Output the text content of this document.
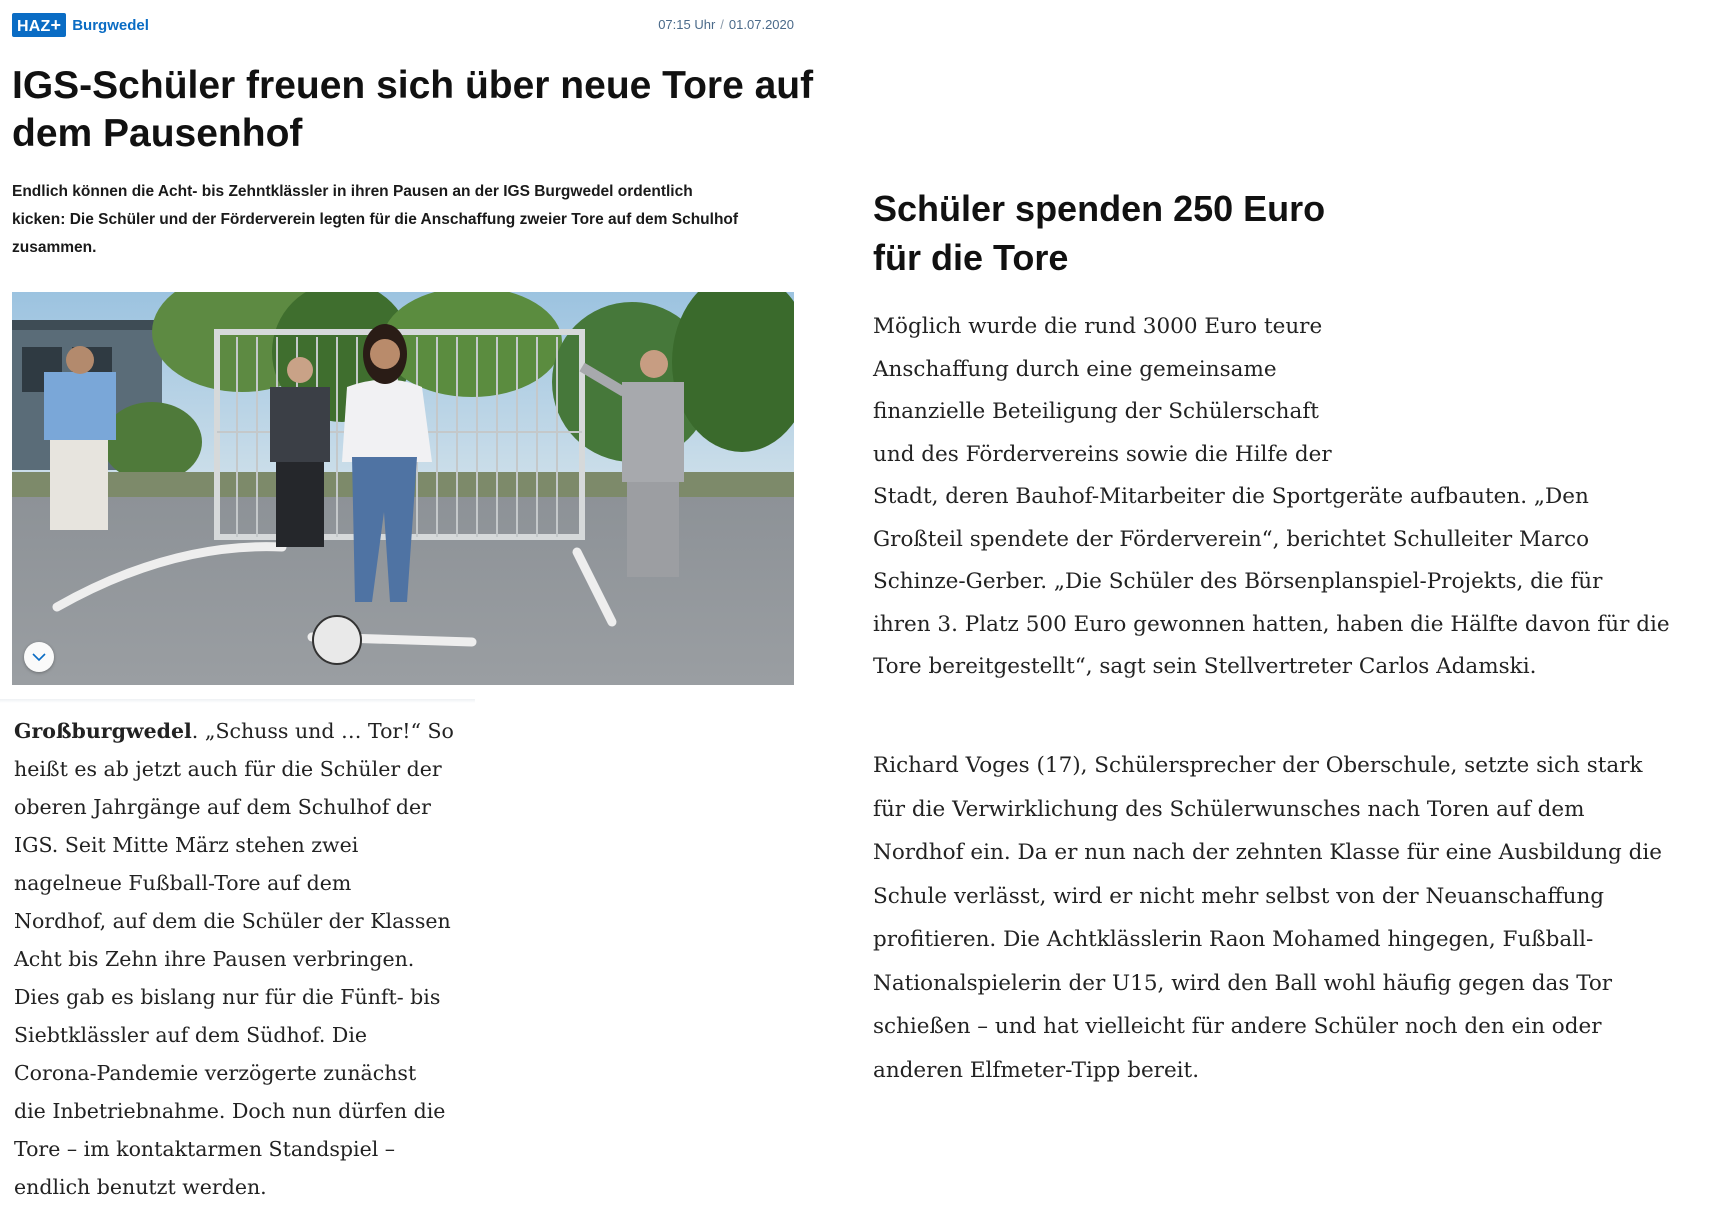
HAZ+ Burgwedel	07:15 Uhr / 01.07.2020
IGS-Schüler freuen sich über neue Tore auf
dem Pausenhof

Endlich können die Acht- bis Zehntklässler in ihren Pausen an der IGS Burgwedel ordentlich
kicken: Die Schüler und der Förderverein legten für die Anschaffung zweier Tore auf dem Schulhof
zusammen.

Großburgwedel. „Schuss und … Tor!“ So
heißt es ab jetzt auch für die Schüler der
oberen Jahrgänge auf dem Schulhof der
IGS. Seit Mitte März stehen zwei
nagelneue Fußball-Tore auf dem
Nordhof, auf dem die Schüler der Klassen
Acht bis Zehn ihre Pausen verbringen.
Dies gab es bislang nur für die Fünft- bis
Siebtklässler auf dem Südhof. Die
Corona-Pandemie verzögerte zunächst
die Inbetriebnahme. Doch nun dürfen die
Tore – im kontaktarmen Standspiel –
endlich benutzt werden.

Schüler spenden 250 Euro
für die Tore

Möglich wurde die rund 3000 Euro teure
Anschaffung durch eine gemeinsame
finanzielle Beteiligung der Schülerschaft
und des Fördervereins sowie die Hilfe der
Stadt, deren Bauhof-Mitarbeiter die Sportgeräte aufbauten. „Den
Großteil spendete der Förderverein“, berichtet Schulleiter Marco
Schinze-Gerber. „Die Schüler des Börsenplanspiel-Projekts, die für
ihren 3. Platz 500 Euro gewonnen hatten, haben die Hälfte davon für die
Tore bereitgestellt“, sagt sein Stellvertreter Carlos Adamski.

Richard Voges (17), Schülersprecher der Oberschule, setzte sich stark
für die Verwirklichung des Schülerwunsches nach Toren auf dem
Nordhof ein. Da er nun nach der zehnten Klasse für eine Ausbildung die
Schule verlässt, wird er nicht mehr selbst von der Neuanschaffung
profitieren. Die Achtklässlerin Raon Mohamed hingegen, Fußball-
Nationalspielerin der U15, wird den Ball wohl häufig gegen das Tor
schießen – und hat vielleicht für andere Schüler noch den ein oder
anderen Elfmeter-Tipp bereit.
